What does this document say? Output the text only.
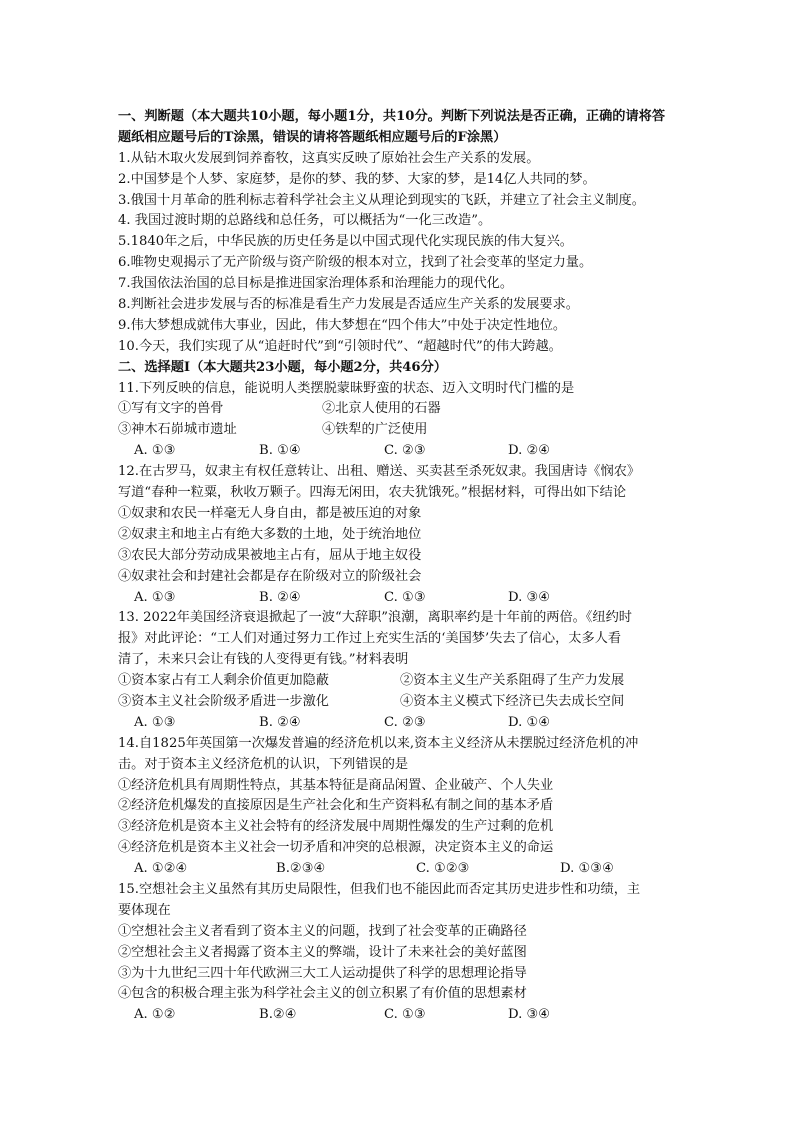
一、判断题（本大题共10小题，每小题1分，共10分。判断下列说法是否正确，正确的请将答题纸相应题号后的T涂黑，错误的请将答题纸相应题号后的F涂黑）
1.从钻木取火发展到饲养畜牧，这真实反映了原始社会生产关系的发展。
2.中国梦是个人梦、家庭梦，是你的梦、我的梦、大家的梦，是14亿人共同的梦。
3.俄国十月革命的胜利标志着科学社会主义从理论到现实的飞跃，并建立了社会主义制度。
4. 我国过渡时期的总路线和总任务，可以概括为“一化三改造”。
5.1840年之后，中华民族的历史任务是以中国式现代化实现民族的伟大复兴。
6.唯物史观揭示了无产阶级与资产阶级的根本对立，找到了社会变革的坚定力量。
7.我国依法治国的总目标是推进国家治理体系和治理能力的现代化。
8.判断社会进步发展与否的标准是看生产力发展是否适应生产关系的发展要求。
9.伟大梦想成就伟大事业，因此，伟大梦想在“四个伟大”中处于决定性地位。
10.今天，我们实现了从“追赶时代”到“引领时代”、“超越时代”的伟大跨越。
二、选择题Ⅰ（本大题共23小题，每小题2分，共46分）
11.下列反映的信息，能说明人类摆脱蒙昧野蛮的状态、迈入文明时代门槛的是
①写有文字的兽骨	②北京人使用的石器
③神木石峁城市遗址	④铁犁的广泛使用
A. ①③	B. ①④	C. ②③	D. ②④
12.在古罗马，奴隶主有权任意转让、出租、赠送、买卖甚至杀死奴隶。我国唐诗《悯农》
写道“春种一粒粟，秋收万颗子。四海无闲田，农夫犹饿死。”根据材料，可得出如下结论
①奴隶和农民一样毫无人身自由，都是被压迫的对象
②奴隶主和地主占有绝大多数的土地，处于统治地位
③农民大部分劳动成果被地主占有，屈从于地主奴役
④奴隶社会和封建社会都是存在阶级对立的阶级社会
A. ①③	B. ②④	C. ①③	D. ③④
13. 2022年美国经济衰退掀起了一波“大辞职”浪潮，离职率约是十年前的两倍。《纽约时
报》对此评论：“工人们对通过努力工作过上充实生活的‘美国梦’失去了信心，太多人看
清了，未来只会让有钱的人变得更有钱。”材料表明
①资本家占有工人剩余价值更加隐蔽	②资本主义生产关系阻碍了生产力发展
③资本主义社会阶级矛盾进一步激化	④资本主义模式下经济已失去成长空间
A. ①③	B. ②④	C. ②③	D. ①④
14.自1825年英国第一次爆发普遍的经济危机以来,资本主义经济从未摆脱过经济危机的冲
击。对于资本主义经济危机的认识，下列错误的是
①经济危机具有周期性特点，其基本特征是商品闲置、企业破产、个人失业
②经济危机爆发的直接原因是生产社会化和生产资料私有制之间的基本矛盾
③经济危机是资本主义社会特有的经济发展中周期性爆发的生产过剩的危机
④经济危机是资本主义社会一切矛盾和冲突的总根源，决定资本主义的命运
A. ①②④	B.②③④	C. ①②③	D. ①③④
15.空想社会主义虽然有其历史局限性，但我们也不能因此而否定其历史进步性和功绩，主
要体现在
①空想社会主义者看到了资本主义的问题，找到了社会变革的正确路径
②空想社会主义者揭露了资本主义的弊端，设计了未来社会的美好蓝图
③为十九世纪三四十年代欧洲三大工人运动提供了科学的思想理论指导
④包含的积极合理主张为科学社会主义的创立积累了有价值的思想素材
A. ①②	B.②④	C. ①③	D. ③④
